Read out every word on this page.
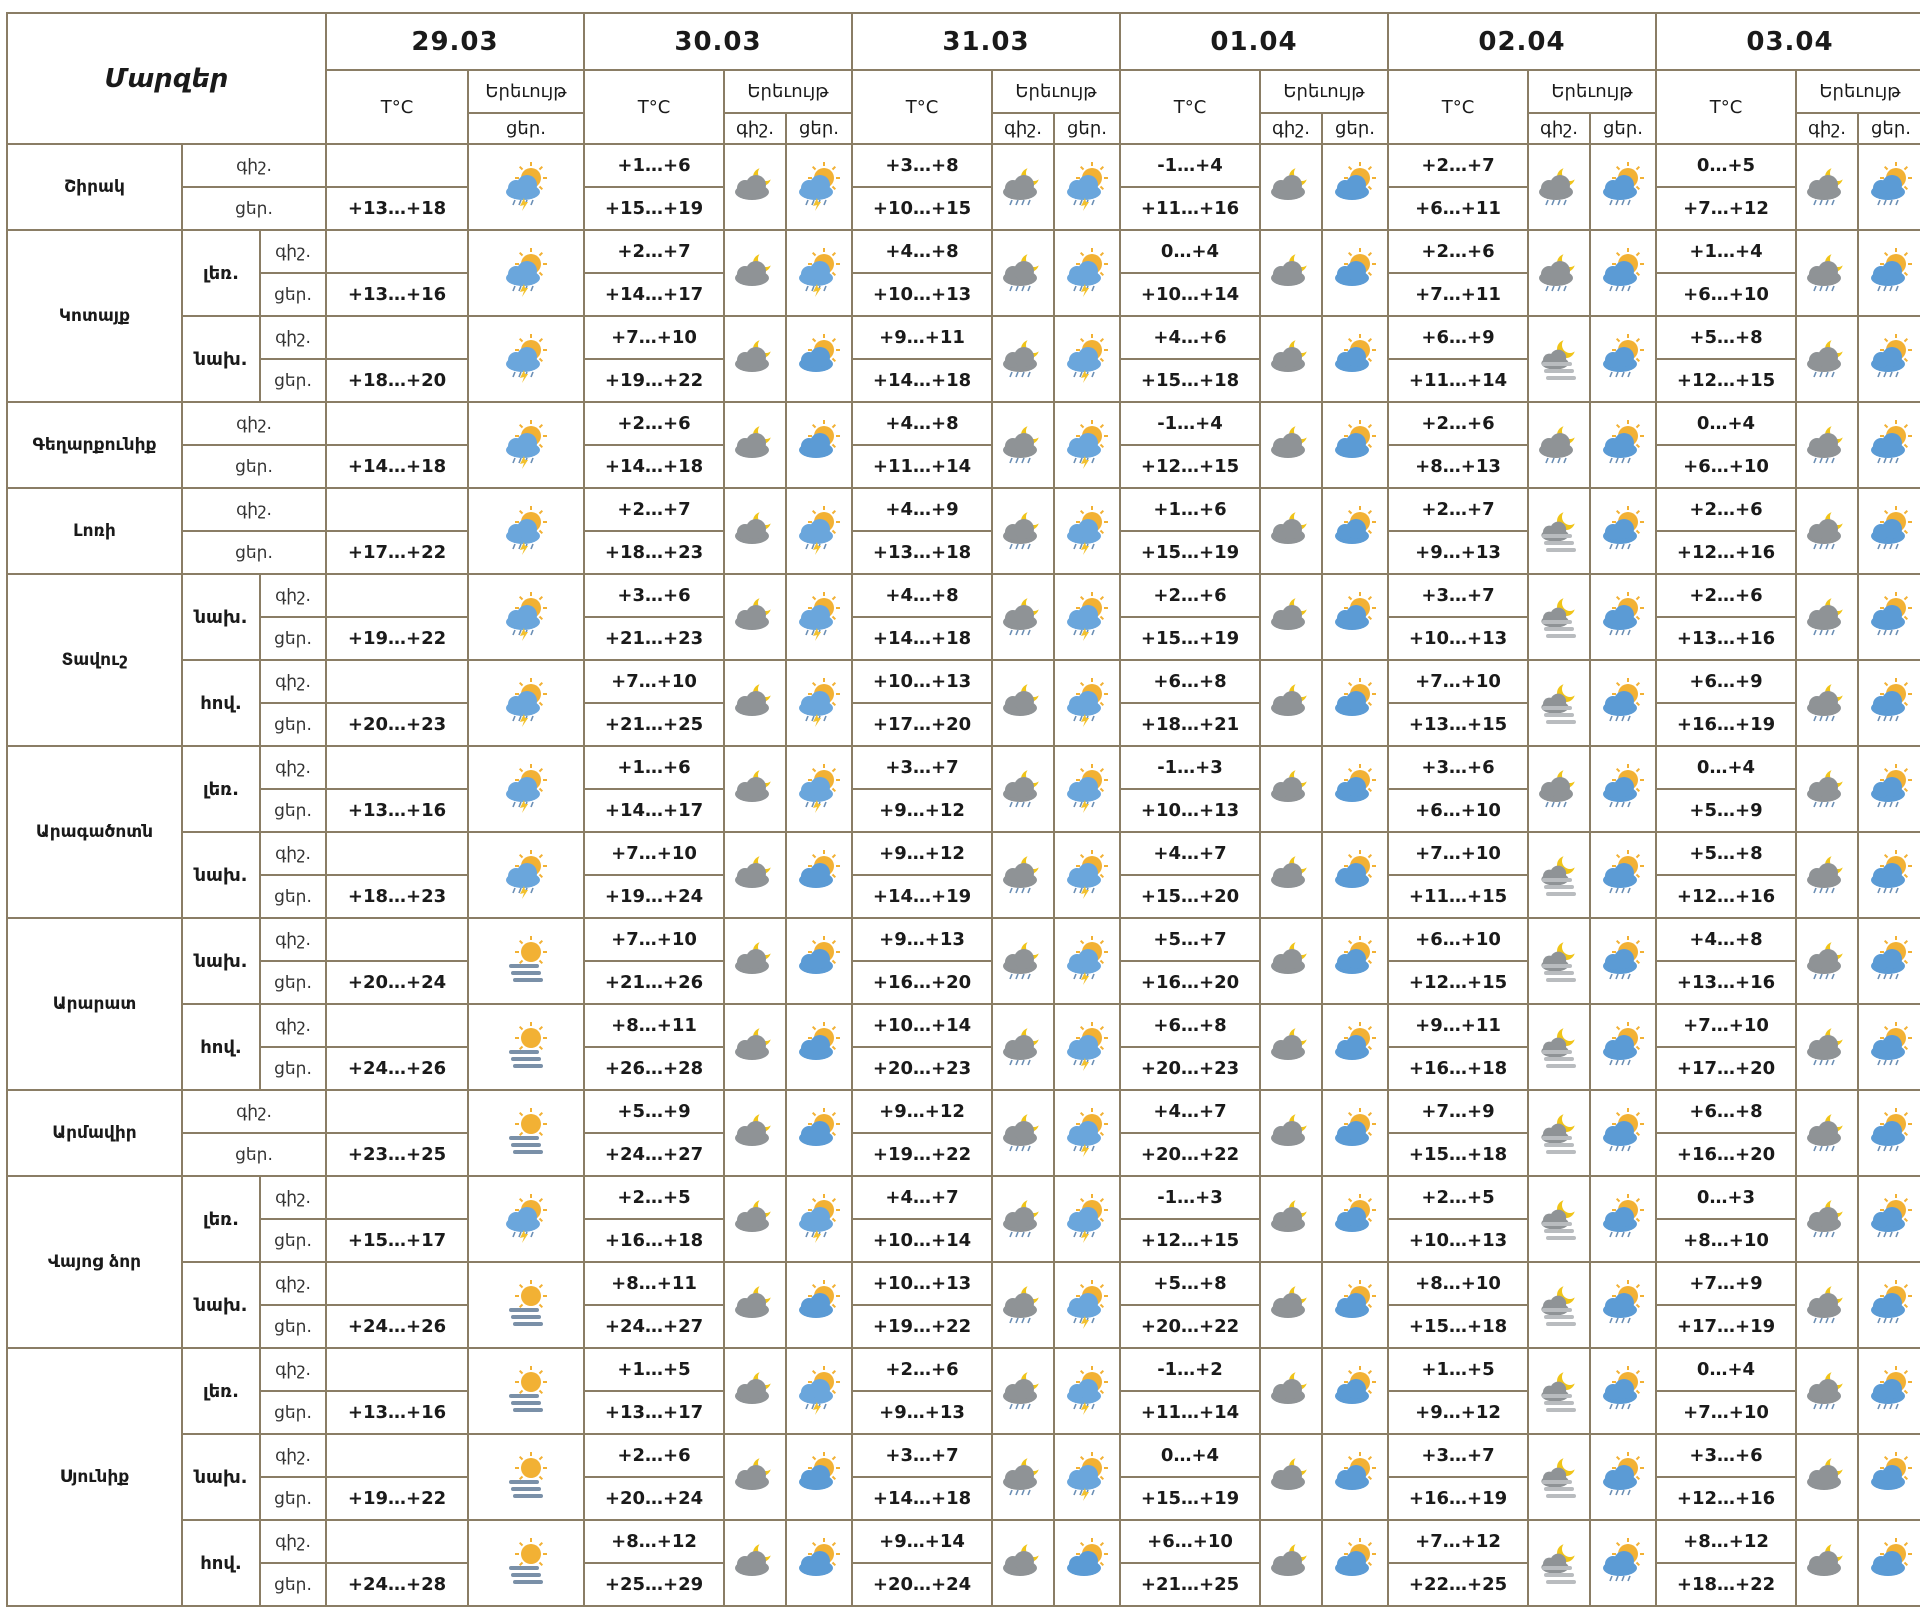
Մարզեր			29.03		30.03			31.03			01.04			02.04			03.04		
			T°C	Երեւույթ	T°C	Երեւույթ		T°C	Երեւույթ		T°C	Երեւույթ		T°C	Երեւույթ		T°C	Երեւույթ	
				ցեր.		գիշ.	ցեր.		գիշ.	ցեր.		գիշ.	ցեր.		գիշ.	ցեր.		գիշ.	ցեր.
Շիրակ	գիշ.				+1…+6			+3…+8			-1…+4			+2…+7			0…+5		
	ցեր.		+13…+18		+15…+19			+10…+15			+11…+16			+6…+11			+7…+12		
Կոտայք	լեռ.	գիշ.			+2…+7			+4…+8			0…+4			+2…+6			+1…+4		
		ցեր.	+13…+16		+14…+17			+10…+13			+10…+14			+7…+11			+6…+10		
	նախ.	գիշ.			+7…+10			+9…+11			+4…+6			+6…+9			+5…+8		
		ցեր.	+18…+20		+19…+22			+14…+18			+15…+18			+11…+14			+12…+15		
Գեղարքունիք	գիշ.				+2…+6			+4…+8			-1…+4			+2…+6			0…+4		
	ցեր.		+14…+18		+14…+18			+11…+14			+12…+15			+8…+13			+6…+10		
Լոռի	գիշ.				+2…+7			+4…+9			+1…+6			+2…+7			+2…+6		
	ցեր.		+17…+22		+18…+23			+13…+18			+15…+19			+9…+13			+12…+16		
Տավուշ	նախ.	գիշ.			+3…+6			+4…+8			+2…+6			+3…+7			+2…+6		
		ցեր.	+19…+22		+21…+23			+14…+18			+15…+19			+10…+13			+13…+16		
	հով.	գիշ.			+7…+10			+10…+13			+6…+8			+7…+10			+6…+9		
		ցեր.	+20…+23		+21…+25			+17…+20			+18…+21			+13…+15			+16…+19		
Արագածոտն	լեռ.	գիշ.			+1…+6			+3…+7			-1…+3			+3…+6			0…+4		
		ցեր.	+13…+16		+14…+17			+9…+12			+10…+13			+6…+10			+5…+9		
	նախ.	գիշ.			+7…+10			+9…+12			+4…+7			+7…+10			+5…+8		
		ցեր.	+18…+23		+19…+24			+14…+19			+15…+20			+11…+15			+12…+16		
Արարատ	նախ.	գիշ.			+7…+10			+9…+13			+5…+7			+6…+10			+4…+8		
		ցեր.	+20…+24		+21…+26			+16…+20			+16…+20			+12…+15			+13…+16		
	հով.	գիշ.			+8…+11			+10…+14			+6…+8			+9…+11			+7…+10		
		ցեր.	+24…+26		+26…+28			+20…+23			+20…+23			+16…+18			+17…+20		
Արմավիր	գիշ.				+5…+9			+9…+12			+4…+7			+7…+9			+6…+8		
	ցեր.		+23…+25		+24…+27			+19…+22			+20…+22			+15…+18			+16…+20		
Վայոց ձոր	լեռ.	գիշ.			+2…+5			+4…+7			-1…+3			+2…+5			0…+3		
		ցեր.	+15…+17		+16…+18			+10…+14			+12…+15			+10…+13			+8…+10		
	նախ.	գիշ.			+8…+11			+10…+13			+5…+8			+8…+10			+7…+9		
		ցեր.	+24…+26		+24…+27			+19…+22			+20…+22			+15…+18			+17…+19		
Սյունիք	լեռ.	գիշ.			+1…+5			+2…+6			-1…+2			+1…+5			0…+4		
		ցեր.	+13…+16		+13…+17			+9…+13			+11…+14			+9…+12			+7…+10		
	նախ.	գիշ.			+2…+6			+3…+7			0…+4			+3…+7			+3…+6		
		ցեր.	+19…+22		+20…+24			+14…+18			+15…+19			+16…+19			+12…+16		
	հով.	գիշ.			+8…+12			+9…+14			+6…+10			+7…+12			+8…+12		
		ցեր.	+24…+28		+25…+29			+20…+24			+21…+25			+22…+25			+18…+22		
